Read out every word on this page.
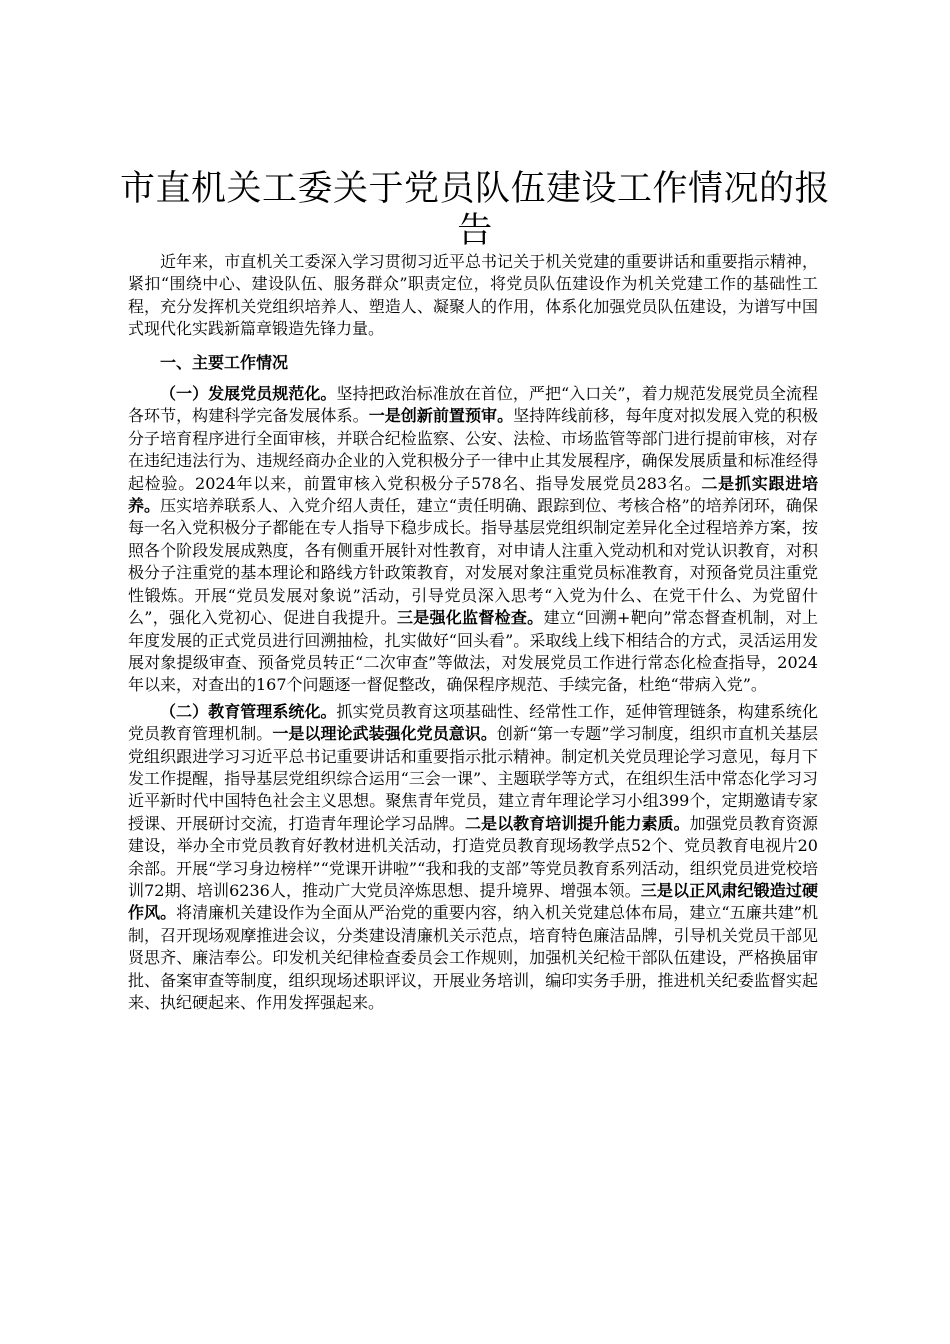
市直机关工委关于党员队伍建设工作情况的报告

近年来，市直机关工委深入学习贯彻习近平总书记关于机关党建的重要讲话和重要指示精神，紧扣“围绕中心、建设队伍、服务群众”职责定位，将党员队伍建设作为机关党建工作的基础性工程，充分发挥机关党组织培养人、塑造人、凝聚人的作用，体系化加强党员队伍建设，为谱写中国式现代化实践新篇章锻造先锋力量。

一、主要工作情况

（一）发展党员规范化。坚持把政治标准放在首位，严把“入口关”，着力规范发展党员全流程各环节，构建科学完备发展体系。一是创新前置预审。坚持阵线前移，每年度对拟发展入党的积极分子培育程序进行全面审核，并联合纪检监察、公安、法检、市场监管等部门进行提前审核，对存在违纪违法行为、违规经商办企业的入党积极分子一律中止其发展程序，确保发展质量和标准经得起检验。2024年以来，前置审核入党积极分子578名、指导发展党员283名。二是抓实跟进培养。压实培养联系人、入党介绍人责任，建立“责任明确、跟踪到位、考核合格”的培养闭环，确保每一名入党积极分子都能在专人指导下稳步成长。指导基层党组织制定差异化全过程培养方案，按照各个阶段发展成熟度，各有侧重开展针对性教育，对申请人注重入党动机和对党认识教育，对积极分子注重党的基本理论和路线方针政策教育，对发展对象注重党员标准教育，对预备党员注重党性锻炼。开展“党员发展对象说”活动，引导党员深入思考“入党为什么、在党干什么、为党留什么”，强化入党初心、促进自我提升。三是强化监督检查。建立“回溯+靶向”常态督查机制，对上年度发展的正式党员进行回溯抽检，扎实做好“回头看”。采取线上线下相结合的方式，灵活运用发展对象提级审查、预备党员转正“二次审查”等做法，对发展党员工作进行常态化检查指导，2024年以来，对查出的167个问题逐一督促整改，确保程序规范、手续完备，杜绝“带病入党”。

（二）教育管理系统化。抓实党员教育这项基础性、经常性工作，延伸管理链条，构建系统化党员教育管理机制。一是以理论武装强化党员意识。创新“第一专题”学习制度，组织市直机关基层党组织跟进学习习近平总书记重要讲话和重要指示批示精神。制定机关党员理论学习意见，每月下发工作提醒，指导基层党组织综合运用“三会一课”、主题联学等方式，在组织生活中常态化学习习近平新时代中国特色社会主义思想。聚焦青年党员，建立青年理论学习小组399个，定期邀请专家授课、开展研讨交流，打造青年理论学习品牌。二是以教育培训提升能力素质。加强党员教育资源建设，举办全市党员教育好教材进机关活动，打造党员教育现场教学点52个、党员教育电视片20余部。开展“学习身边榜样”“党课开讲啦”“我和我的支部”等党员教育系列活动，组织党员进党校培训72期、培训6236人，推动广大党员淬炼思想、提升境界、增强本领。三是以正风肃纪锻造过硬作风。将清廉机关建设作为全面从严治党的重要内容，纳入机关党建总体布局，建立“五廉共建”机制，召开现场观摩推进会议，分类建设清廉机关示范点，培育特色廉洁品牌，引导机关党员干部见贤思齐、廉洁奉公。印发机关纪律检查委员会工作规则，加强机关纪检干部队伍建设，严格换届审批、备案审查等制度，组织现场述职评议，开展业务培训，编印实务手册，推进机关纪委监督实起来、执纪硬起来、作用发挥强起来。
